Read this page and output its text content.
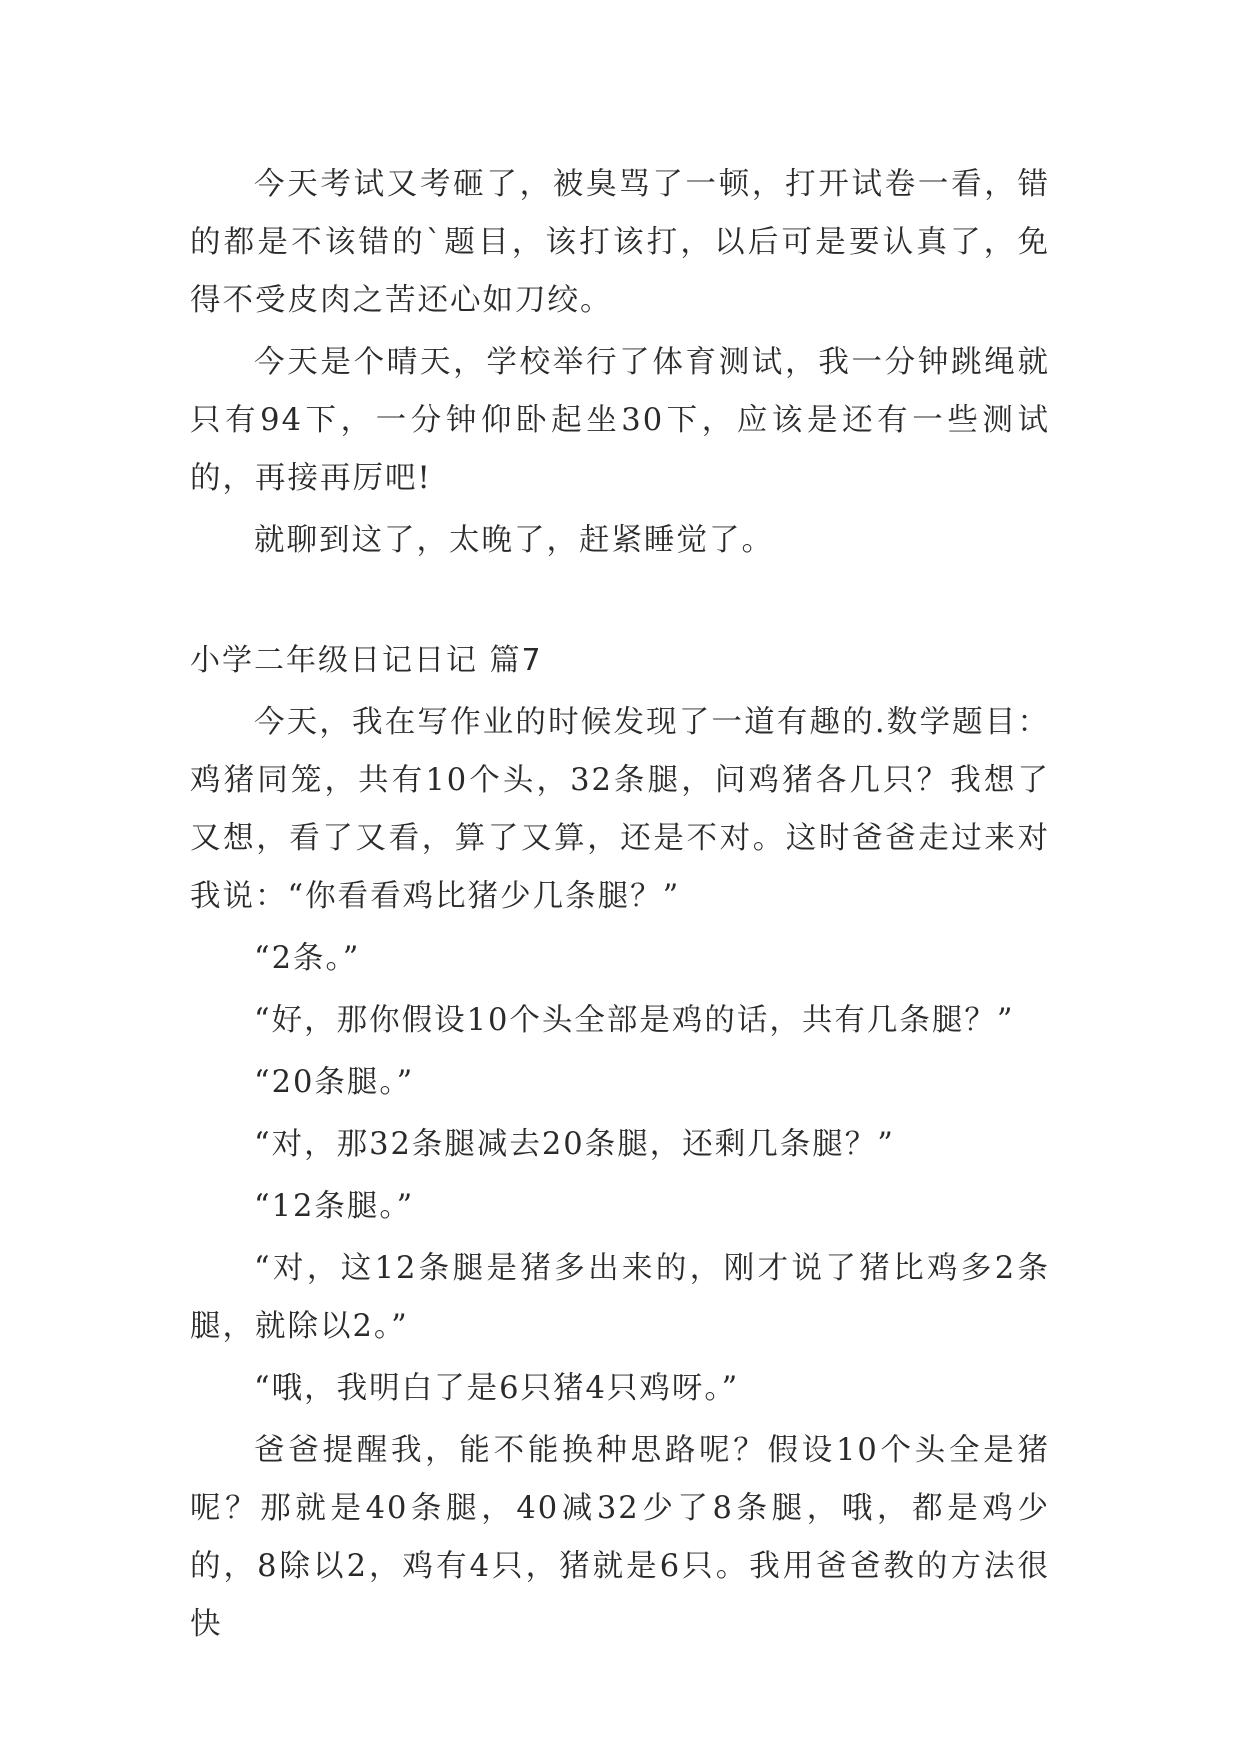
今天考试又考砸了，被臭骂了一顿，打开试卷一看，错的都是不该错的`题目，该打该打，以后可是要认真了，免得不受皮肉之苦还心如刀绞。

今天是个晴天，学校举行了体育测试，我一分钟跳绳就只有94下，一分钟仰卧起坐30下，应该是还有一些测试的，再接再厉吧!

就聊到这了，太晚了，赶紧睡觉了。

小学二年级日记日记 篇7

今天，我在写作业的时候发现了一道有趣的.数学题目：鸡猪同笼，共有10个头，32条腿，问鸡猪各几只？我想了又想，看了又看，算了又算，还是不对。这时爸爸走过来对我说：“你看看鸡比猪少几条腿？”

“2条。”

“好，那你假设10个头全部是鸡的话，共有几条腿？”

“20条腿。”

“对，那32条腿减去20条腿，还剩几条腿？”

“12条腿。”

“对，这12条腿是猪多出来的，刚才说了猪比鸡多2条腿，就除以2。”

“哦，我明白了是6只猪4只鸡呀。”

爸爸提醒我，能不能换种思路呢？假设10个头全是猪呢？那就是40条腿，40减32少了8条腿，哦，都是鸡少的，8除以2，鸡有4只，猪就是6只。我用爸爸教的方法很快
